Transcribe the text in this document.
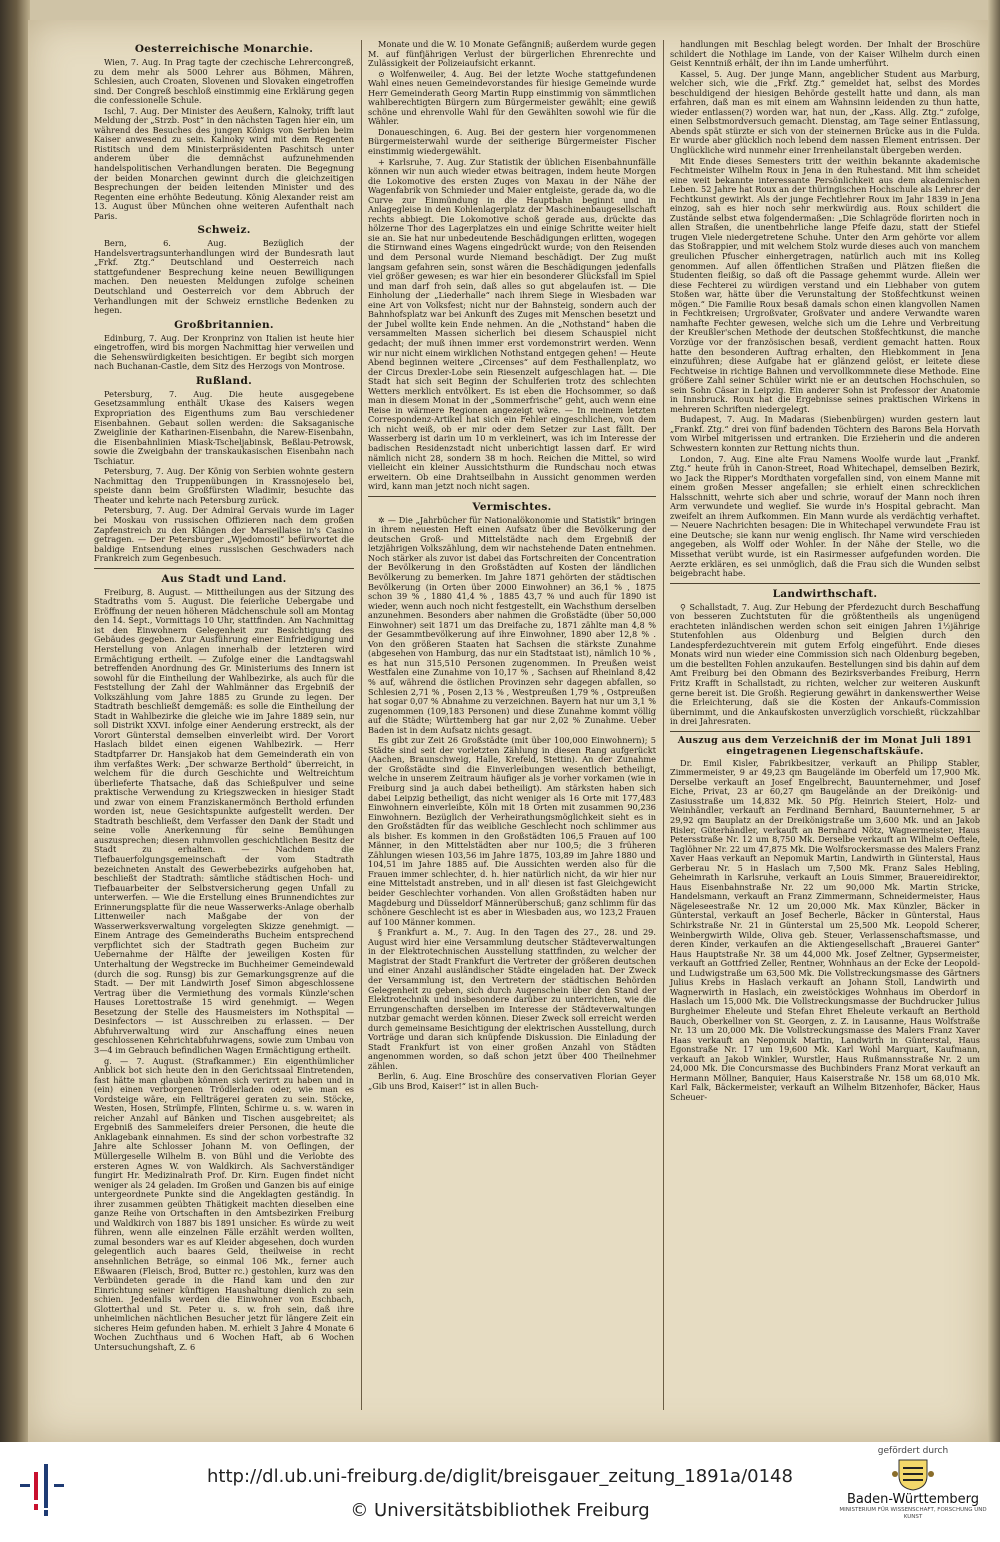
Oesterreichische Monarchie.

Wien, 7. Aug. In Prag tagte der czechische Lehrercongreß, zu dem mehr als 5000 Lehrer aus Böhmen, Mähren, Schlesien, auch Croaten, Slovenen und Slovaken eingetroffen sind. Der Congreß beschloß einstimmig eine Erklärung gegen die confessionelle Schule.

Ischl, 7. Aug. Der Minister des Aeußern, Kalnoky, trifft laut Meldung der „Strzb. Post“ in den nächsten Tagen hier ein, um während des Besuches des jungen Königs von Serbien beim Kaiser anwesend zu sein. Kalnoky wird mit dem Regenten Ristitsch und dem Ministerpräsidenten Paschitsch unter anderem über die demnächst aufzunehmenden handelspolitischen Verhandlungen beraten. Die Begegnung der beiden Monarchen gewinnt durch die gleichzeitigen Besprechungen der beiden leitenden Minister und des Regenten eine erhöhte Bedeutung. König Alexander reist am 13. August über München ohne weiteren Aufenthalt nach Paris.

Schweiz.

Bern, 6. Aug. Bezüglich der Handelsvertragsunterhandlungen wird der Bundesrath laut „Frkf. Ztg.“ Deutschland und Oesterreich nach stattgefundener Besprechung keine neuen Bewilligungen machen. Den neuesten Meldungen zufolge scheinen Deutschland und Oesterreich vor dem Abbruch der Verhandlungen mit der Schweiz ernstliche Bedenken zu hegen.

Großbritannien.

Edinburg, 7. Aug. Der Kronprinz von Italien ist heute hier eingetroffen, wird bis morgen Nachmittag hier verweilen und die Sehenswürdigkeiten besichtigen. Er begibt sich morgen nach Buchanan-Castle, dem Sitz des Herzogs von Montrose.

Rußland.

Petersburg, 7. Aug. Die heute ausgegebene Gesetzsammlung enthält Ukase des Kaisers wegen Expropriation des Eigenthums zum Bau verschiedener Eisenbahnen. Gebaut sollen werden: die Saksaganische Zweiglinie der Katharinen-Eisenbahn, die Narew-Eisenbahn, die Eisenbahnlinien Miask-Tscheljabinsk, Beßlau-Petrowsk, sowie die Zweigbahn der transkaukasischen Eisenbahn nach Tschiatur.

Petersburg, 7. Aug. Der König von Serbien wohnte gestern Nachmittag den Truppenübungen in Krassnojeselo bei, speiste dann beim Großfürsten Wladimir, besuchte das Theater und kehrte nach Petersburg zurück.

Petersburg, 7. Aug. Der Admiral Gervais wurde im Lager bei Moskau von russischen Offizieren nach dem großen Zapfenstreich zu den Klängen der Marseillaise in's Casino getragen. — Der Petersburger „Wjedomosti“ befürwortet die baldige Entsendung eines russischen Geschwaders nach Frankreich zum Gegenbesuch.

Aus Stadt und Land.

Freiburg, 8. August. — Mittheilungen aus der Sitzung des Stadtraths vom 5. August. Die feierliche Uebergabe und Eröffnung der neuen höheren Mädchenschule soll am Montag den 14. Sept., Vormittags 10 Uhr, stattfinden. Am Nachmittag ist den Einwohnern Gelegenheit zur Besichtigung des Gebäudes gegeben. Zur Ausführung einer Einfriedigung und Herstellung von Anlagen innerhalb der letzteren wird Ermächtigung ertheilt. — Zufolge einer die Landtagswahl betreffenden Anordnung des Gr. Ministeriums des Innern ist sowohl für die Eintheilung der Wahlbezirke, als auch für die Feststellung der Zahl der Wahlmänner das Ergebniß der Volkszählung vom Jahre 1885 zu Grunde zu legen. Der Stadtrath beschließt demgemäß: es solle die Eintheilung der Stadt in Wahlbezirke die gleiche wie im Jahre 1889 sein, nur soll Distrikt XXVI. infolge einer Aenderung erstreckt, als der Vorort Günterstal demselben einverleibt wird. Der Vorort Haslach bildet einen eigenen Wahlbezirk. — Herr Stadtpfarrer Dr. Hansjakob hat dem Gemeinderath ein von ihm verfaßtes Werk: „Der schwarze Berthold“ überreicht, in welchem für die durch Geschichte und Weltreichtum überlieferte Thatsache, daß das Schießpulver und seine praktische Verwendung zu Kriegszwecken in hiesiger Stadt und zwar von einem Franziskanermönch Berthold erfunden worden ist, neue Gesichtspunkte aufgestellt werden. Der Stadtrath beschließt, dem Verfasser den Dank der Stadt und seine volle Anerkennung für seine Bemühungen auszusprechen; diesen ruhmvollen geschichtlichen Besitz der Stadt zu erhalten. — Nachdem die Tiefbauerfolgungsgemeinschaft der vom Stadtrath bezeichneten Anstalt des Gewerbebezirks aufgehoben hat, beschließt der Stadtrath: sämtliche städtischen Hoch- und Tiefbauarbeiter der Selbstversicherung gegen Unfall zu unterwerfen. — Wie die Erstellung eines Brunnendichtes zur Erinnerungsplatte für die neue Wasserwerks-Anlage oberhalb Littenweiler nach Maßgabe der von der Wasserwerksverwaltung vorgelegten Skizze genehmigt. — Einem Antrage des Gemeinderaths Bucheim entsprechend verpflichtet sich der Stadtrath gegen Bucheim zur Uebernahme der Hälfte der jeweiligen Kosten für Unterhaltung der Wegstrecke im Buchheimer Gemeindewald (durch die sog. Runsg) bis zur Gemarkungsgrenze auf die Stadt. — Der mit Landwirth Josef Simon abgeschlossene Vertrag über die Vermiethung des vormals Künzle'schen Hauses Lorettostraße 15 wird genehmigt. — Wegen Besetzung der Stelle des Hausmeisters im Nothspital — Desinfectors — ist Ausschreiben zu erlassen. — Der Abfuhrverwaltung wird zur Anschaffung eines neuen geschlossenen Kehrichtabfuhrwagens, sowie zum Umbau von 3—4 im Gebrauch befindlichen Wagen Ermächtigung ertheilt.

g. — 7. August. (Strafkammer.) Ein eigenthümlicher Anblick bot sich heute den in den Gerichtssaal Eintretenden, fast hätte man glauben können sich verirrt zu haben und in (ein) einen verborgenen Trödlerladen oder, wie man es Vordsteige wäre, ein Fellträgerei geraten zu sein. Stöcke, Westen, Hosen, Strümpfe, Flinten, Schirme u. s. w. waren in reicher Anzahl auf Bänken und Tischen ausgebreitet; als Ergebniß des Sammeleifers dreier Personen, die heute die Anklagebank einnahmen. Es sind der schon vorbestrafte 32 Jahre alte Schlosser Johann M. von Oeflingen, der Müllergeselle Wilhelm B. von Bühl und die Verlobte des ersteren Agnes W. von Waldkirch. Als Sachverständiger fungirt Hr. Medizinalrath Prof. Dr. Kirn. Eugen findet nicht weniger als 24 geladen. Im Großen und Ganzen bis auf einige untergeordnete Punkte sind die Angeklagten geständig. In ihrer zusammen geübten Thätigkeit machten dieselben eine ganze Reihe von Ortschaften in den Amtsbezirken Freiburg und Waldkirch von 1887 bis 1891 unsicher. Es würde zu weit führen, wenn alle einzelnen Fälle erzählt werden wollten, zumal besonders war es auf Kleider abgesehen, doch wurden gelegentlich auch baares Geld, theilweise in recht ansehnlichen Beträge, so einmal 106 Mk., ferner auch Eßwaaren (Fleisch, Brod, Butter rc.) gestohlen, kurz was den Verbündeten gerade in die Hand kam und den zur Einrichtung seiner künftigen Haushaltung dienlich zu sein schien. Jedenfalls werden die Einwohner von Eschbach, Glotterthal und St. Peter u. s. w. froh sein, daß ihre unheimlichen nächtlichen Besucher jetzt für längere Zeit ein sicheres Heim gefunden haben. M. erhielt 3 Jahre 4 Monate 6 Wochen Zuchthaus und 6 Wochen Haft, ab 6 Wochen Untersuchungshaft, Z. 6

Monate und die W. 10 Monate Gefängniß; außerdem wurde gegen M. auf fünfjährigen Verlust der bürgerlichen Ehrenrechte und Zulässigkeit der Polizeiaufsicht erkannt.

⊙ Wolfenweiler, 4. Aug. Bei der letzte Woche stattgefundenen Wahl eines neuen Gemeindevorstandes für hiesige Gemeinde wurde Herr Gemeinderath Georg Martin Rupp einstimmig von sämmtlichen wahlberechtigten Bürgern zum Bürgermeister gewählt; eine gewiß schöne und ehrenvolle Wahl für den Gewählten sowohl wie für die Wähler.

Donaueschingen, 6. Aug. Bei der gestern hier vorgenommenen Bürgermeisterwahl wurde der seitherige Bürgermeister Fischer einstimmig wiedergewählt.

+ Karlsruhe, 7. Aug. Zur Statistik der üblichen Eisenbahnunfälle können wir nun auch wieder etwas beitragen, indem heute Morgen die Lokomotive des ersten Zuges von Maxau in der Nähe der Wagenfabrik von Schmieder und Maier entgleiste, gerade da, wo die Curve zur Einmündung in die Hauptbahn beginnt und in Anlagegleise in den Kohlenlagerplatz der Maschinenbaugesellschaft rechts abbiegt. Die Lokomotive schoß gerade aus, drückte das hölzerne Thor des Lagerplatzes ein und einige Schritte weiter hielt sie an. Sie hat nur unbedeutende Beschädigungen erlitten, wogegen die Stirnwand eines Wagens eingedrückt wurde; von den Reisenden und dem Personal wurde Niemand beschädigt. Der Zug mußt langsam gefahren sein, sonst wären die Beschädigungen jedenfalls viel größer gewesen; es war hier ein besonderer Glücksfall im Spiel und man darf froh sein, daß alles so gut abgelaufen ist. — Die Einholung der „Liederhalle“ nach ihrem Siege in Wiesbaden war eine Art von Volksfest; nicht nur der Bahnsteig, sondern auch der Bahnhofsplatz war bei Ankunft des Zuges mit Menschen besetzt und der Jubel wollte kein Ende nehmen. An die „Nothstand“ haben die versammelten Massen sicherlich bei diesem Schauspiel nicht gedacht; der muß ihnen immer erst vordemonstrirt werden. Wenn wir nur nicht einem wirklichen Nothstand entgegen gehen! — Heute Abend beginnen weitere „Circenses“ auf dem Festhallenplatz, wo der Circus Drexler-Lobe sein Riesenzelt aufgeschlagen hat. — Die Stadt hat sich seit Beginn der Schulferien trotz des schlechten Wetters merklich entvölkert. Es ist eben die Hochsommer, so daß man in diesem Monat in der „Sommerfrische“ geht, auch wenn eine Reise in wärmere Regionen angezeigt wäre. — In meinem letzten Correspondenz-Artikel hat sich ein Fehler eingeschlichen, von dem ich nicht weiß, ob er mir oder dem Setzer zur Last fällt. Der Wasserberg ist darin um 10 m verkleinert, was ich im Interesse der badischen Residenzstadt nicht unberichtigt lassen darf. Er wird nämlich nicht 28, sondern 38 m hoch. Reichen die Mittel, so wird vielleicht ein kleiner Aussichtsthurm die Rundschau noch etwas erweitern. Ob eine Drahtseilbahn in Aussicht genommen werden wird, kann man jetzt noch nicht sagen.

Vermischtes.

✲ — Die „Jahrbücher für Nationalökonomie und Statistik“ bringen in ihrem neuesten Heft einen Aufsatz über die Bevölkerung der deutschen Groß- und Mittelstädte nach dem Ergebniß der letzjährigen Volkszählung, dem wir nachstehende Daten entnehmen. Noch stärker als zuvor ist dabei das Fortschreiten der Concentration der Bevölkerung in den Großstädten auf Kosten der ländlichen Bevölkerung zu bemerken. Im Jahre 1871 gehörten der städtischen Bevölkerung (in Orten über 2000 Einwohner) an 36,1 % , 1875 schon 39 % , 1880 41,4 % , 1885 43,7 % und auch für 1890 ist wieder, wenn auch noch nicht festgestellt, ein Wachsthum derselben anzunehmen. Besonders aber nahmen die Großstädte (über 50,000 Einwohner) seit 1871 um das Dreifache zu, 1871 zählte man 4,8 % der Gesammtbevölkerung auf ihre Einwohner, 1890 aber 12,8 % . Von den größeren Staaten hat Sachsen die stärkste Zunahme (abgesehen von Hamburg, das nur ein Stadtstaat ist), nämlich 10 % , es hat nun 315,510 Personen zugenommen. In Preußen weist Westfalen eine Zunahme von 10,17 % , Sachsen auf Rheinland 8,42 % auf, während die östlichen Provinzen sehr dagegen abfallen, so Schlesien 2,71 % , Posen 2,13 % , Westpreußen 1,79 % , Ostpreußen hat sogar 0,07 % Abnahme zu verzeichnen. Bayern hat nur um 3,1 % zugenommen (109,183 Personen) und diese Zunahme kommt völlig auf die Städte; Württemberg hat gar nur 2,02 % Zunahme. Ueber Baden ist in dem Aufsatz nichts gesagt.

Es gibt zur Zeit 26 Großstädte (mit über 100,000 Einwohnern); 5 Städte sind seit der vorletzten Zählung in diesen Rang aufgerückt (Aachen, Braunschweig, Halle, Krefeld, Stettin). An der Zunahme der Großstädte sind die Einverleibungen wesentlich betheiligt, welche in unserem Zeitraum häufiger als je vorher vorkamen (wie in Freiburg sind ja auch dabei betheiligt). Am stärksten haben sich dabei Leipzig betheiligt, das nicht weniger als 16 Orte mit 177,483 Einwohnern einverleibte, Köln mit 18 Orten mit zusammen 90,236 Einwohnern. Bezüglich der Verheirathungsmöglichkeit sieht es in den Großstädten für das weibliche Geschlecht noch schlimmer aus als bisher. Es kommen in den Großstädten 106,5 Frauen auf 100 Männer, in den Mittelstädten aber nur 100,5; die 3 früheren Zählungen wiesen 103,56 im Jahre 1875, 103,89 im Jahre 1880 und 104,51 im Jahre 1885 auf. Die Aussichten werden also für die Frauen immer schlechter, d. h. hier natürlich nicht, da wir hier nur eine Mittelstadt anstreben, und in all' diesen ist fast Gleichgewicht beider Geschlechter vorhanden. Von allen Großstädten haben nur Magdeburg und Düsseldorf Männerüberschuß; ganz schlimm für das schönere Geschlecht ist es aber in Wiesbaden aus, wo 123,2 Frauen auf 100 Männer kommen.

§ Frankfurt a. M., 7. Aug. In den Tagen des 27., 28. und 29. August wird hier eine Versammlung deutscher Städteverwaltungen in der Elektrotechnischen Ausstellung stattfinden, zu welcher der Magistrat der Stadt Frankfurt die Vertreter der größeren deutschen und einer Anzahl ausländischer Städte eingeladen hat. Der Zweck der Versammlung ist, den Vertretern der städtischen Behörden Gelegenheit zu geben, sich durch Augenschein über den Stand der Elektrotechnik und insbesondere darüber zu unterrichten, wie die Errungenschaften derselben im Interesse der Städteverwaltungen nutzbar gemacht werden können. Dieser Zweck soll erreicht werden durch gemeinsame Besichtigung der elektrischen Ausstellung, durch Vorträge und daran sich knüpfende Diskussion. Die Einladung der Stadt Frankfurt ist von einer großen Anzahl von Städten angenommen worden, so daß schon jetzt über 400 Theilnehmer zählen.

Berlin, 6. Aug. Eine Broschüre des conservativen Florian Geyer „Gib uns Brod, Kaiser!“ ist in allen Buch-

handlungen mit Beschlag belegt worden. Der Inhalt der Broschüre schildert die Nothlage im Lande, von der Kaiser Wilhelm durch einen Geist Kenntniß erhält, der ihn im Lande umherführt.

Kassel, 5. Aug. Der junge Mann, angeblicher Student aus Marburg, welcher sich, wie die „Frkf. Ztg.“ gemeldet hat, selbst des Mordes beschuldigend der hiesigen Behörde gestellt hatte und dann, als man erfahren, daß man es mit einem am Wahnsinn leidenden zu thun hatte, wieder entlassen(?) worden war, hat nun, der „Kass. Allg. Ztg.“ zufolge, einen Selbstmordversuch gemacht. Dienstag, am Tage seiner Entlassung, Abends spät stürzte er sich von der steinernen Brücke aus in die Fulda. Er wurde aber glücklich noch lebend dem nassen Element entrissen. Der Unglückliche wird nunmehr einer Irrenheilanstalt übergeben werden.

Mit Ende dieses Semesters tritt der weithin bekannte akademische Fechtmeister Wilhelm Roux in Jena in den Ruhestand. Mit ihm scheidet eine weit bekannte interessante Persönlichkeit aus dem akademischen Leben. 52 Jahre hat Roux an der thüringischen Hochschule als Lehrer der Fechtkunst gewirkt. Als der junge Fechtlehrer Roux im Jahr 1839 in Jena einzog, sah es hier noch sehr merkwürdig aus. Roux schildert die Zustände selbst etwa folgendermaßen: „Die Schlagröde florirten noch in allen Straßen, die unentbehrliche lange Pfeife dazu, statt der Stiefel trugen Viele niedergetretene Schuhe. Unter den Arm gehörte vor allem das Stoßrappier, und mit welchem Stolz wurde dieses auch von manchem greulichen Pfuscher einhergetragen, natürlich auch mit ins Kolleg genommen. Auf allen öffentlichen Straßen und Plätzen fließen die Studenten fleißig, so daß oft die Passage gehemmt wurde. Allein wer diese Fechterei zu würdigen verstand und ein Liebhaber von gutem Stoßen war, hätte über die Verunstaltung der Stoßfechtkunst weinen mögen.“ Die Familie Roux besaß damals schon einen klangvollen Namen in Fechtkreisen; Urgroßvater, Großvater und andere Verwandte waren namhafte Fechter gewesen, welche sich um die Lehre und Verbreitung der Kreußler'schen Methode der deutschen Stoßfechtkunst, die manche Vorzüge vor der französischen besaß, verdient gemacht hatten. Roux hatte den besonderen Auftrag erhalten, den Hiebkomment in Jena einzuführen; diese Aufgabe hat er glänzend gelöst, er leitete diese Fechtweise in richtige Bahnen und vervollkommnete diese Methode. Eine größere Zahl seiner Schüler wirkt nie er an deutschen Hochschulen, so sein Sohn Cäsar in Leipzig. Ein anderer Sohn ist Professor der Anatomie in Innsbruck. Roux hat die Ergebnisse seines praktischen Wirkens in mehreren Schriften niedergelegt.

Budapest, 7. Aug. In Madaras (Siebenbürgen) wurden gestern laut „Frankf. Ztg.“ drei von fünf badenden Töchtern des Barons Bela Horvath vom Wirbel mitgerissen und ertranken. Die Erzieherin und die anderen Schwestern konnten zur Rettung nichts thun.

London, 7. Aug. Eine alte Frau Namens Woolfe wurde laut „Frankf. Ztg.“ heute früh in Canon-Street, Road Whitechapel, demselben Bezirk, wo Jack the Ripper's Mordthaten vorgefallen sind, von einem Manne mit einem großen Messer angefallen; sie erhielt einen schrecklichen Halsschnitt, wehrte sich aber und schrie, worauf der Mann noch ihren Arm verwundete und weglief. Sie wurde in's Hospital gebracht. Man zweifelt an ihrem Aufkommen. Ein Mann wurde als verdächtig verhaftet. — Neuere Nachrichten besagen: Die in Whitechapel verwundete Frau ist eine Deutsche; sie kann nur wenig englisch. Ihr Name wird verschieden angegeben, als Wolff oder Wohler. In der Nähe der Stelle, wo die Missethat verübt wurde, ist ein Rasirmesser aufgefunden worden. Die Aerzte erklären, es sei unmöglich, daß die Frau sich die Wunden selbst beigebracht habe.

Landwirthschaft.

⚲ Schallstadt, 7. Aug. Zur Hebung der Pferdezucht durch Beschaffung von besseren Zuchtstuten für die größtentheils als ungenügend erachteten inländischen werden schon seit einigen Jahren 1½jährige Stutenfohlen aus Oldenburg und Belgien durch den Landespferdezuchtverein mit gutem Erfolg eingeführt. Ende dieses Monats wird nun wieder eine Commission sich nach Oldenburg begeben, um die bestellten Fohlen anzukaufen. Bestellungen sind bis dahin auf dem Amt Freiburg bei den Obmann des Bezirksverbandes Freiburg, Herrn Fritz Krafft in Schallstadt, zu richten, welcher zur weiteren Auskunft gerne bereit ist. Die Großh. Regierung gewährt in dankenswerther Weise die Erleichterung, daß sie die Kosten der Ankaufs-Commission übernimmt, und die Ankaufskosten unverzüglich vorschießt, rückzahlbar in drei Jahresraten.

Auszug aus dem Verzeichniß der im Monat Juli 1891 eingetragenen Liegenschaftskäufe.

Dr. Emil Kisler, Fabrikbesitzer, verkauft an Philipp Stabler, Zimmermeister, 9 ar 49,23 qm Baugelände im Oberfeld um 17,900 Mk. Derselbe verkauft an Josef Engelbrecht, Bauunternehmer, und Josef Eiche, Privat, 23 ar 60,27 qm Baugelände an der Dreikönig- und Zasiusstraße um 14,832 Mk. 50 Pfg. Heinrich Steiert, Holz- und Weinhändler, verkauft an Ferdinand Bernhard, Bauunternehmer, 5 ar 29,92 qm Bauplatz an der Dreikönigstraße um 3,600 Mk. und an Jakob Risler, Güterhändler, verkauft an Bernhard Nötz, Wagnermeister, Haus Petersstraße Nr. 12 um 8,750 Mk. Derselbe verkauft an Wilhelm Oeftele, Taglöhner Nr. 22 um 47,875 Mk. Die Wolfsrockersmasse des Malers Franz Xaver Haas verkauft an Nepomuk Martin, Landwirth in Günterstal, Haus Gerberau Nr. 5 in Haslach um 7,500 Mk. Franz Sales Hebling, Geheimrath in Karlsruhe, verkauft an Louis Simmer, Brauereidirektor, Haus Eisenbahnstraße Nr. 22 um 90,000 Mk. Martin Stricke, Handelsmann, verkauft an Franz Zimmermann, Schneidermeister, Haus Nägeleseestraße Nr. 12 um 20,000 Mk. Max Künzler, Bäcker in Günterstal, verkauft an Josef Becherle, Bäcker in Günterstal, Haus Schirkstraße Nr. 21 in Günterstal um 25,500 Mk. Leopold Scherer, Weinbergwirth Wilde, Oliva geb. Steuer, Verlassenschaftsmasse, und deren Kinder, verkaufen an die Aktiengesellschaft „Brauerei Ganter“ Haus Hauptstraße Nr. 38 um 44,000 Mk. Josef Zeltner, Gypsermeister, verkauft an Gottfried Zeller, Rentner, Wohnhaus an der Ecke der Leopold- und Ludwigstraße um 63,500 Mk. Die Vollstreckungsmasse des Gärtners Julius Krebs in Haslach verkauft an Johann Stoll, Landwirth und Wagnerwirth in Haslach, ein zweistöckiges Wohnhaus im Oberdorf in Haslach um 15,000 Mk. Die Vollstreckungsmasse der Buchdrucker Julius Burgheimer Eheleute und Stefan Ehret Eheleute verkauft an Berthold Bauch, Oberkellner von St. Georgen, z. Z. in Lausanne, Haus Wolfstraße Nr. 13 um 20,000 Mk. Die Vollstreckungsmasse des Malers Franz Xaver Haas verkauft an Nepomuk Martin, Landwirth in Günterstal, Haus Egonstraße Nr. 17 um 19,600 Mk. Karl Wohl Marquart, Kaufmann, verkauft an Jakob Winkler, Wurstler, Haus Rußmannsstraße Nr. 2 um 24,000 Mk. Die Concursmasse des Buchbinders Franz Morat verkauft an Hermann Möllner, Banquier, Haus Kaiserstraße Nr. 158 um 68,010 Mk. Karl Falk, Bäckermeister, verkauft an Wilhelm Bitzenhofer, Bäcker, Haus Scheuer-

http://dl.ub.uni-freiburg.de/diglit/breisgauer_zeitung_1891a/0148
© Universitätsbibliothek Freiburg
gefördert durch
Baden-Württemberg
MINISTERIUM FÜR WISSENSCHAFT, FORSCHUNG UND KUNST
